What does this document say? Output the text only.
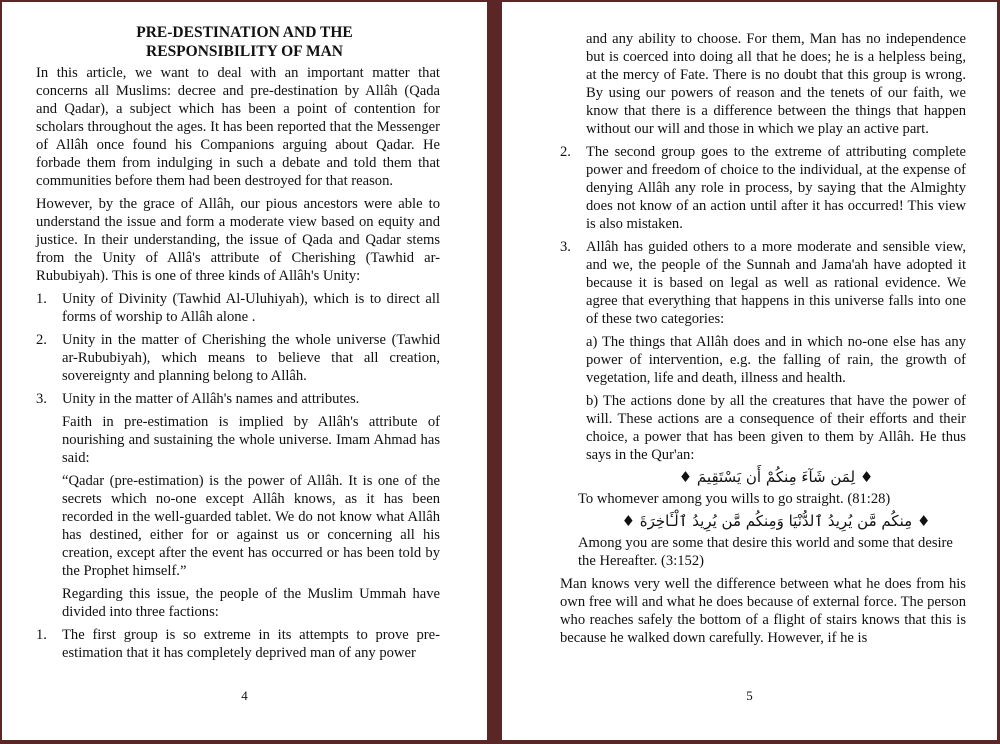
PRE-DESTINATION AND THE
RESPONSIBILITY OF MAN

In this article, we want to deal with an important matter that concerns all Muslims: decree and pre-destination by Allâh (Qada and Qadar), a subject which has been a point of contention for scholars throughout the ages. It has been reported that the Messenger of Allâh once found his Companions arguing about Qadar. He forbade them from indulging in such a debate and told them that communities before them had been destroyed for that reason.

However, by the grace of Allâh, our pious ancestors were able to understand the issue and form a moderate view based on equity and justice. In their understanding, the issue of Qada and Qadar stems from the Unity of Allâ's attribute of Cherishing (Tawhid ar-Rububiyah). This is one of three kinds of Allâh's Unity:

1.	Unity of Divinity (Tawhid Al-Uluhiyah), which is to direct all forms of worship to Allâh alone .
2.	Unity in the matter of Cherishing the whole universe (Tawhid ar-Rububiyah), which means to believe that all creation, sovereignty and planning belong to Allâh.
3.	Unity in the matter of Allâh's names and attributes.

Faith in pre-estimation is implied by Allâh's attribute of nourishing and sustaining the whole universe. Imam Ahmad has said:

“Qadar (pre-estimation) is the power of Allâh. It is one of the secrets which no-one except Allâh knows, as it has been recorded in the well-guarded tablet. We do not know what Allâh has destined, either for or against us or concerning all his creation, except after the event has occurred or has been told by the Prophet himself.”

Regarding this issue, the people of the Muslim Ummah have divided into three factions:

1.	The first group is so extreme in its attempts to prove pre-estimation that it has completely deprived man of any power
4

and any ability to choose. For them, Man has no independence but is coerced into doing all that he does; he is a helpless being, at the mercy of Fate. There is no doubt that this group is wrong. By using our powers of reason and the tenets of our faith, we know that there is a difference between the things that happen without our will and those in which we play an active part.

2.	The second group goes to the extreme of attributing complete power and freedom of choice to the individual, at the expense of denying Allâh any role in process, by saying that the Almighty does not know of an action until after it has occurred! This view is also mistaken.
3.	Allâh has guided others to a more moderate and sensible view, and we, the people of the Sunnah and Jama'ah have adopted it because it is based on legal as well as rational evidence. We agree that everything that happens in this universe falls into one of these two categories:

a) The things that Allâh does and in which no-one else has any power of intervention, e.g. the falling of rain, the growth of vegetation, life and death, illness and health.

b) The actions done by all the creatures that have the power of will. These actions are a consequence of their efforts and their choice, a power that has been given to them by Allâh. He thus says in the Qur'an:

♦ لِمَن شَآءَ مِنكُمْ أَن يَسْتَقِيمَ ♦
To whomever among you wills to go straight. (81:28)
♦ مِنكُم مَّن يُرِيدُ ٱلدُّنْيَا وَمِنكُم مَّن يُرِيدُ ٱلْـَٔاخِرَةَ ♦

Among you are some that desire this world and some that desire the Hereafter. (3:152)

Man knows very well the difference between what he does from his own free will and what he does because of external force. The person who reaches safely the bottom of a flight of stairs knows that this is because he walked down carefully. However, if he is

5
